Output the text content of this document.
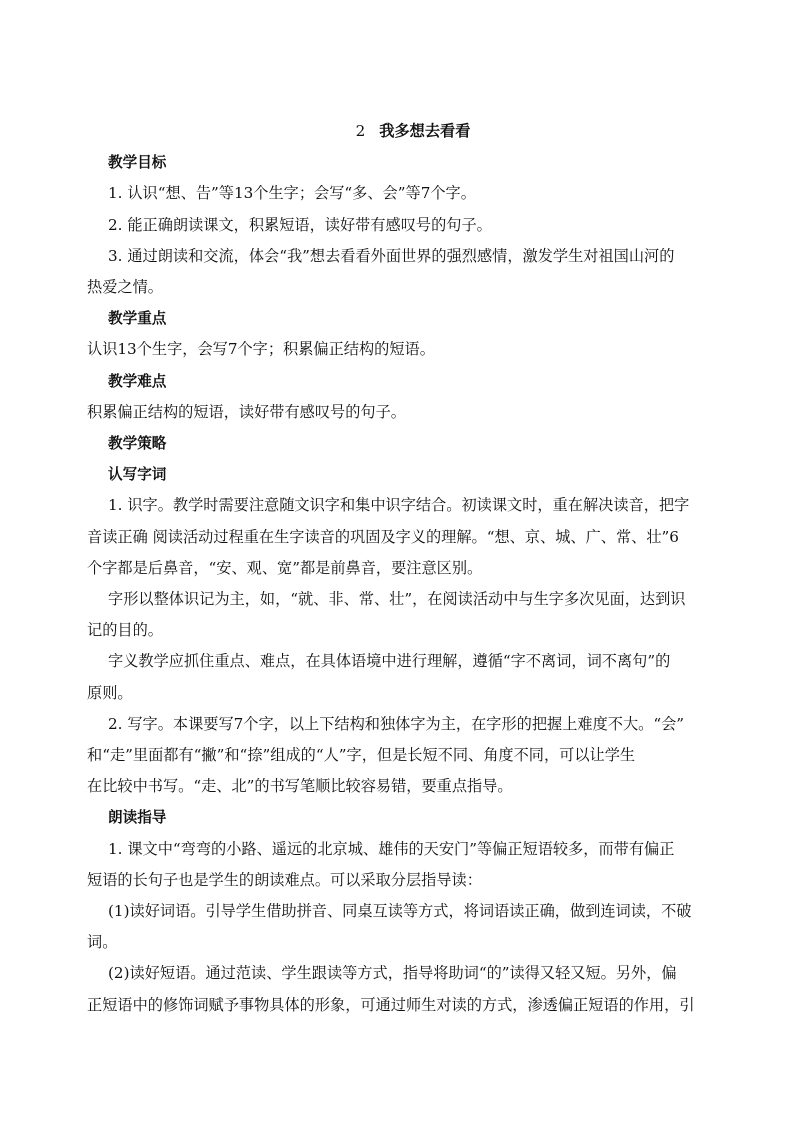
2 我多想去看看

教学目标

1. 认识“想、告”等13个生字；会写“多、会”等7个字。

2. 能正确朗读课文，积累短语，读好带有感叹号的句子。

3. 通过朗读和交流，体会“我”想去看看外面世界的强烈感情，激发学生对祖国山河的

热爱之情。

教学重点

认识13个生字，会写7个字；积累偏正结构的短语。

教学难点

积累偏正结构的短语，读好带有感叹号的句子。

教学策略

认写字词

1. 识字。教学时需要注意随文识字和集中识字结合。初读课文时，重在解决读音，把字

音读正确 阅读活动过程重在生字读音的巩固及字义的理解。“想、京、城、广、常、壮”6

个字都是后鼻音，“安、观、宽”都是前鼻音，要注意区别。

字形以整体识记为主，如，“就、非、常、壮”，在阅读活动中与生字多次见面，达到识

记的目的。

字义教学应抓住重点、难点，在具体语境中进行理解，遵循“字不离词，词不离句”的

原则。

2. 写字。本课要写7个字，以上下结构和独体字为主，在字形的把握上难度不大。“会”

和“走”里面都有“撇”和“捺”组成的“人”字，但是长短不同、角度不同，可以让学生

在比较中书写。“走、北”的书写笔顺比较容易错，要重点指导。

朗读指导

1. 课文中“弯弯的小路、遥远的北京城、雄伟的天安门”等偏正短语较多，而带有偏正

短语的长句子也是学生的朗读难点。可以采取分层指导读：

(1)读好词语。引导学生借助拼音、同桌互读等方式，将词语读正确，做到连词读，不破

词。

(2)读好短语。通过范读、学生跟读等方式，指导将助词“的”读得又轻又短。另外，偏

正短语中的修饰词赋予事物具体的形象，可通过师生对读的方式，渗透偏正短语的作用，引
